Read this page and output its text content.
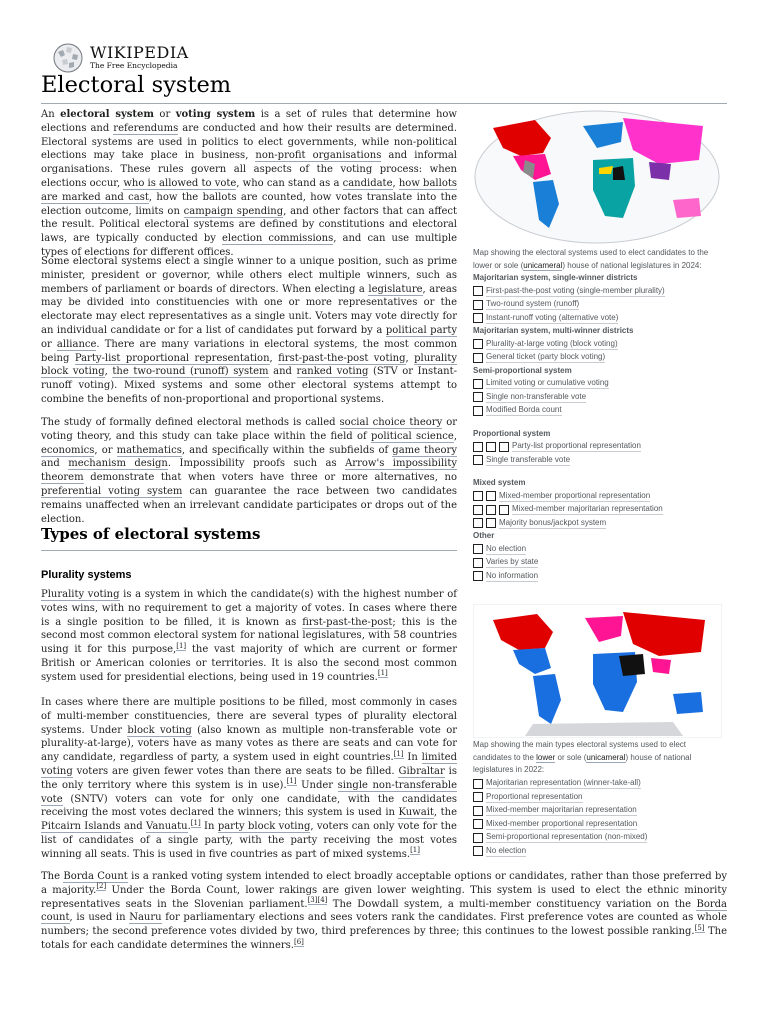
WIKIPEDIA
The Free Encyclopedia
Electoral system

An electoral system or voting system is a set of rules that determine how elections and referendums are conducted and how their results are determined. Electoral systems are used in politics to elect governments, while non-political elections may take place in business, non-profit organisations and informal organisations. These rules govern all aspects of the voting process: when elections occur, who is allowed to vote, who can stand as a candidate, how ballots are marked and cast, how the ballots are counted, how votes translate into the election outcome, limits on campaign spending, and other factors that can affect the result. Political electoral systems are defined by constitutions and electoral laws, are typically conducted by election commissions, and can use multiple types of elections for different offices.

Some electoral systems elect a single winner to a unique position, such as prime minister, president or governor, while others elect multiple winners, such as members of parliament or boards of directors. When electing a legislature, areas may be divided into constituencies with one or more representatives or the electorate may elect representatives as a single unit. Voters may vote directly for an individual candidate or for a list of candidates put forward by a political party or alliance. There are many variations in electoral systems, the most common being Party-list proportional representation, first-past-the-post voting, plurality block voting, the two-round (runoff) system and ranked voting (STV or Instant-runoff voting). Mixed systems and some other electoral systems attempt to combine the benefits of non-proportional and proportional systems.

The study of formally defined electoral methods is called social choice theory or voting theory, and this study can take place within the field of political science, economics, or mathematics, and specifically within the subfields of game theory and mechanism design. Impossibility proofs such as Arrow's impossibility theorem demonstrate that when voters have three or more alternatives, no preferential voting system can guarantee the race between two candidates remains unaffected when an irrelevant candidate participates or drops out of the election.

Types of electoral systems
Plurality systems

Plurality voting is a system in which the candidate(s) with the highest number of votes wins, with no requirement to get a majority of votes. In cases where there is a single position to be filled, it is known as first-past-the-post; this is the second most common electoral system for national legislatures, with 58 countries using it for this purpose,[1] the vast majority of which are current or former British or American colonies or territories. It is also the second most common system used for presidential elections, being used in 19 countries.[1]

In cases where there are multiple positions to be filled, most commonly in cases of multi-member constituencies, there are several types of plurality electoral systems. Under block voting (also known as multiple non-transferable vote or plurality-at-large), voters have as many votes as there are seats and can vote for any candidate, regardless of party, a system used in eight countries.[1] In limited voting voters are given fewer votes than there are seats to be filled. Gibraltar is the only territory where this system is in use).[1] Under single non-transferable vote (SNTV) voters can vote for only one candidate, with the candidates receiving the most votes declared the winners; this system is used in Kuwait, the Pitcairn Islands and Vanuatu.[1] In party block voting, voters can only vote for the list of candidates of a single party, with the party receiving the most votes winning all seats. This is used in five countries as part of mixed systems.[1]

The Borda Count is a ranked voting system intended to elect broadly acceptable options or candidates, rather than those preferred by a majority.[2] Under the Borda Count, lower rakings are given lower weighting. This system is used to elect the ethnic minority representatives seats in the Slovenian parliament.[3][4] The Dowdall system, a multi-member constituency variation on the Borda count, is used in Nauru for parliamentary elections and sees voters rank the candidates. First preference votes are counted as whole numbers; the second preference votes divided by two, third preferences by three; this continues to the lowest possible ranking.[5] The totals for each candidate determines the winners.[6]

Map showing the electoral systems used to elect candidates to the lower or sole (unicameral) house of national legislatures in 2024:
Majoritarian system, single-winner districts
First-past-the-post voting (single-member plurality)
Two-round system (runoff)
Instant-runoff voting (alternative vote)
Majoritarian system, multi-winner districts
Plurality-at-large voting (block voting)
General ticket (party block voting)
Semi-proportional system
Limited voting or cumulative voting
Single non-transferable vote
Modified Borda count
Proportional system
Party-list proportional representation
Single transferable vote
Mixed system
Mixed-member proportional representation
Mixed-member majoritarian representation
Majority bonus/jackpot system
Other
No election
Varies by state
No information
Map showing the main types electoral systems used to elect candidates to the lower or sole (unicameral) house of national legislatures in 2022:
Majoritarian representation (winner-take-all)
Proportional representation
Mixed-member majoritarian representation
Mixed-member proportional representation
Semi-proportional representation (non-mixed)
No election
